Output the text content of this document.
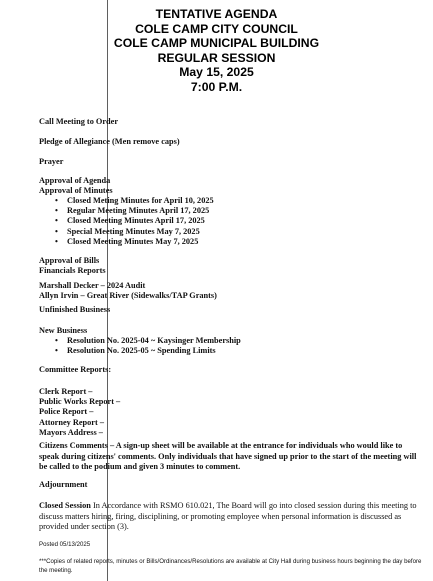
TENTATIVE AGENDA
COLE CAMP CITY COUNCIL
COLE CAMP MUNICIPAL BUILDING
REGULAR SESSION
May 15, 2025
7:00 P.M.
Call Meeting to Order
Pledge of Allegiance (Men remove caps)
Prayer
Approval of Agenda
Approval of Minutes
• Closed Meting Minutes for April 10, 2025
• Regular Meeting Minutes April 17, 2025
• Closed Meeting Minutes April 17, 2025
• Special Meeting Minutes May 7, 2025
• Closed Meeting Minutes May 7, 2025
Approval of Bills
Financials Reports
Marshall Decker – 2024 Audit
Allyn Irvin – Great River (Sidewalks/TAP Grants)
Unfinished Business
New Business
• Resolution No. 2025-04 ~ Kaysinger Membership
• Resolution No. 2025-05 ~ Spending Limits
Committee Reports:
Clerk Report –
Public Works Report –
Police Report –
Attorney Report –
Mayors Address –
Citizens Comments – A sign-up sheet will be available at the entrance for individuals who would like to speak during citizens' comments. Only individuals that have signed up prior to the start of the meeting will be called to the podium and given 3 minutes to comment.
Adjournment
Closed Session In Accordance with RSMO 610.021, The Board will go into closed session during this meeting to discuss matters hiring, firing, disciplining, or promoting employee when personal information is discussed as provided under section (3).
Posted 05/13/2025
***Copies of related reports, minutes or Bills/Ordinances/Resolutions are available at City Hall during business hours beginning the day before the meeting.
